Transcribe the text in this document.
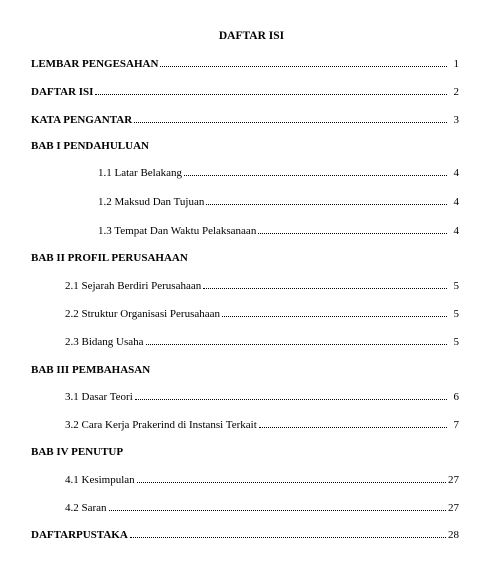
DAFTAR ISI
LEMBAR PENGESAHAN	1
DAFTAR ISI	2
KATA PENGANTAR	3
BAB I PENDAHULUAN
1.1 Latar Belakang	4
1.2 Maksud Dan Tujuan	4
1.3 Tempat Dan Waktu Pelaksanaan	4
BAB II PROFIL PERUSAHAAN
2.1 Sejarah Berdiri Perusahaan	5
2.2 Struktur Organisasi Perusahaan	5
2.3 Bidang Usaha	5
BAB III PEMBAHASAN
3.1 Dasar Teori	6
3.2 Cara Kerja Prakerind di Instansi Terkait	7
BAB IV PENUTUP
4.1 Kesimpulan	27
4.2 Saran	27
DAFTARPUSTAKA	28
